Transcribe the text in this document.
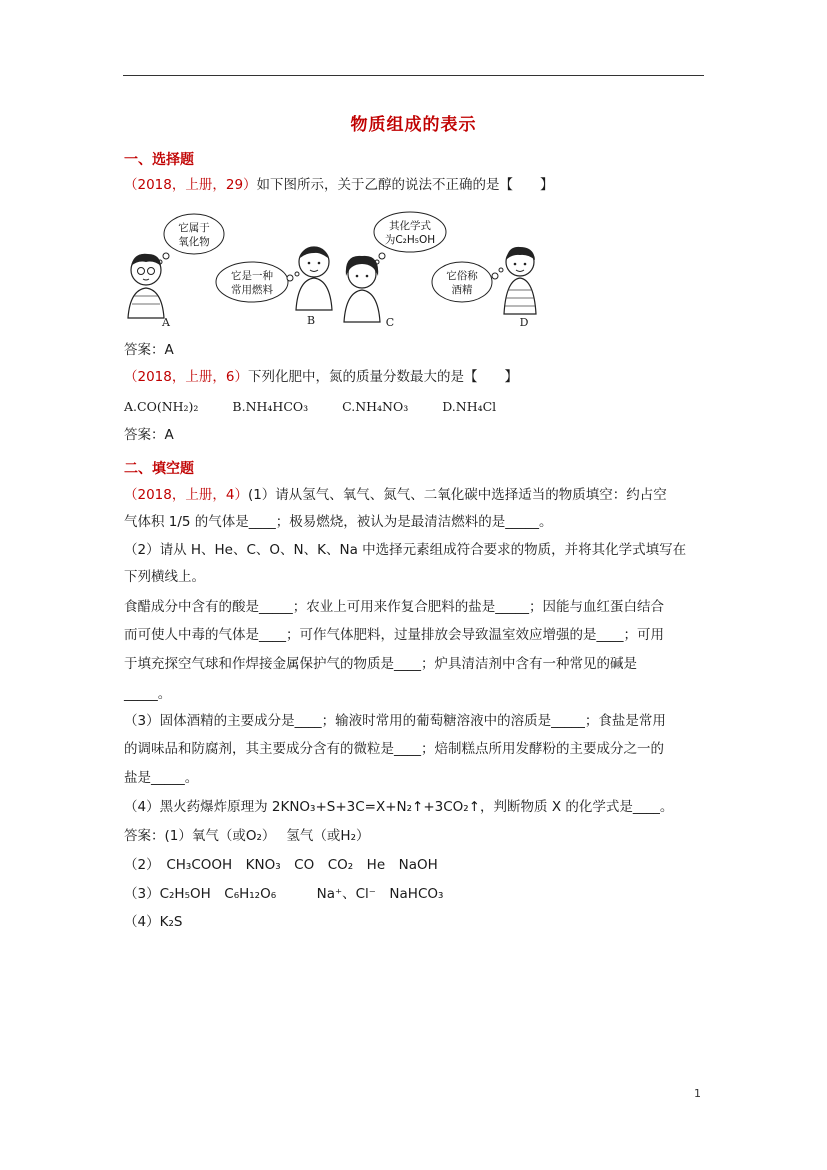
物质组成的表示
一、选择题
（2018，上册，29）如下图所示，关于乙醇的说法不正确的是【　　】
它属于
氧化物
A
它是一种
常用燃料
B
其化学式
为C₂H₅OH
C
它俗称
酒精
D
答案：A
（2018，上册，6）下列化肥中，氮的质量分数最大的是【　　】
A.CO(NH₂)₂	B.NH₄HCO₃	C.NH₄NO₃	D.NH₄Cl
答案：A
二、填空题
（2018，上册，4）(1）请从氢气、氧气、氮气、二氧化碳中选择适当的物质填空：约占空
气体积 1/5 的气体是____；极易燃烧，被认为是最清洁燃料的是_____。
（2）请从 H、He、C、O、N、K、Na 中选择元素组成符合要求的物质，并将其化学式填写在
下列横线上。
食醋成分中含有的酸是_____；农业上可用来作复合肥料的盐是_____；因能与血红蛋白结合
而可使人中毒的气体是____；可作气体肥料，过量排放会导致温室效应增强的是____；可用
于填充探空气球和作焊接金属保护气的物质是____；炉具清洁剂中含有一种常见的碱是
_____。
（3）固体酒精的主要成分是____；输液时常用的葡萄糖溶液中的溶质是_____；食盐是常用
的调味品和防腐剂，其主要成分含有的微粒是____；焙制糕点所用发酵粉的主要成分之一的
盐是_____。
（4）黑火药爆炸原理为 2KNO₃+S+3C=X+N₂↑+3CO₂↑，判断物质 X 的化学式是____。
答案：(1）氧气（或O₂）　 氢气（或H₂）
（2）　CH₃COOH　KNO₃　CO　CO₂　He　NaOH
（3）C₂H₅OH　C₆H₁₂O₆　　　Na⁺、Cl⁻　NaHCO₃
（4）K₂S
1
